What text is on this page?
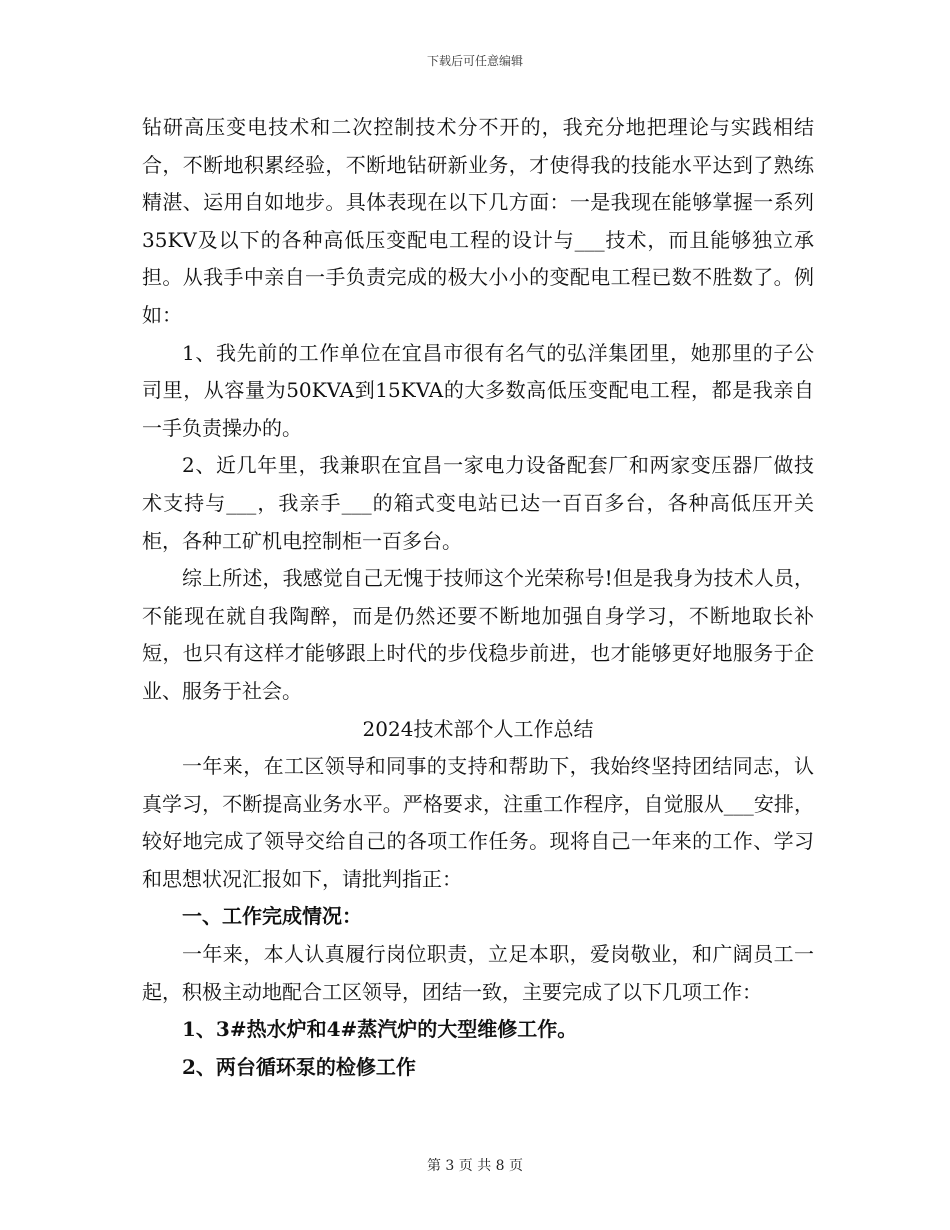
下载后可任意编辑

钻研高压变电技术和二次控制技术分不开的，我充分地把理论与实践相结合，不断地积累经验，不断地钻研新业务，才使得我的技能水平达到了熟练精湛、运用自如地步。具体表现在以下几方面：一是我现在能够掌握一系列35KV及以下的各种高低压变配电工程的设计与___技术，而且能够独立承担。从我手中亲自一手负责完成的极大小小的变配电工程已数不胜数了。例如：

1、我先前的工作单位在宜昌市很有名气的弘洋集团里，她那里的子公司里，从容量为50KVA到15KVA的大多数高低压变配电工程，都是我亲自一手负责操办的。

2、近几年里，我兼职在宜昌一家电力设备配套厂和两家变压器厂做技术支持与___，我亲手___的箱式变电站已达一百百多台，各种高低压开关柜，各种工矿机电控制柜一百多台。

综上所述，我感觉自己无愧于技师这个光荣称号!但是我身为技术人员，不能现在就自我陶醉，而是仍然还要不断地加强自身学习，不断地取长补短，也只有这样才能够跟上时代的步伐稳步前进，也才能够更好地服务于企业、服务于社会。

2024技术部个人工作总结

一年来，在工区领导和同事的支持和帮助下，我始终坚持团结同志，认真学习，不断提高业务水平。严格要求，注重工作程序，自觉服从___安排，较好地完成了领导交给自己的各项工作任务。现将自己一年来的工作、学习和思想状况汇报如下，请批判指正：

一、工作完成情况：

一年来，本人认真履行岗位职责，立足本职，爱岗敬业，和广阔员工一起，积极主动地配合工区领导，团结一致，主要完成了以下几项工作：

1、3#热水炉和4#蒸汽炉的大型维修工作。

2、两台循环泵的检修工作

第 3 页 共 8 页
